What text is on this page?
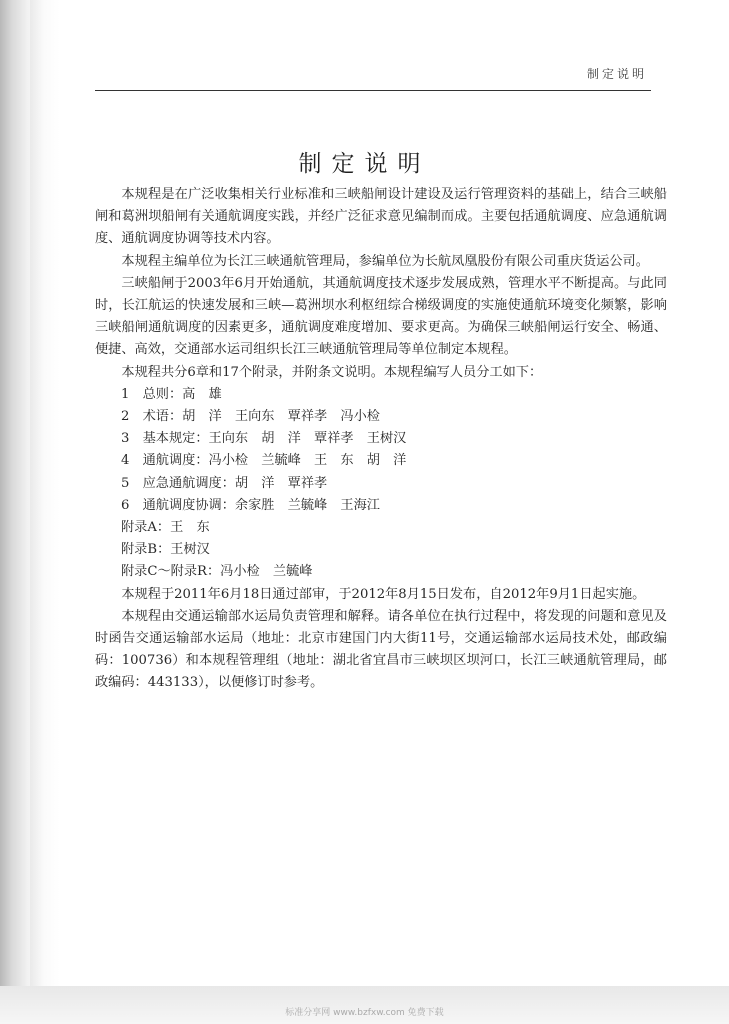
制定说明
制定说明

本规程是在广泛收集相关行业标准和三峡船闸设计建设及运行管理资料的基础上，结合三峡船闸和葛洲坝船闸有关通航调度实践，并经广泛征求意见编制而成。主要包括通航调度、应急通航调度、通航调度协调等技术内容。

本规程主编单位为长江三峡通航管理局，参编单位为长航凤凰股份有限公司重庆货运公司。

三峡船闸于2003年6月开始通航，其通航调度技术逐步发展成熟，管理水平不断提高。与此同时，长江航运的快速发展和三峡—葛洲坝水利枢纽综合梯级调度的实施使通航环境变化频繁，影响三峡船闸通航调度的因素更多，通航调度难度增加、要求更高。为确保三峡船闸运行安全、畅通、便捷、高效，交通部水运司组织长江三峡通航管理局等单位制定本规程。

本规程共分6章和17个附录，并附条文说明。本规程编写人员分工如下：

1　总则：高　雄

2　术语：胡　洋　王向东　覃祥孝　冯小检

3　基本规定：王向东　胡　洋　覃祥孝　王树汉

4　通航调度：冯小检　兰毓峰　王　东　胡　洋

5　应急通航调度：胡　洋　覃祥孝

6　通航调度协调：余家胜　兰毓峰　王海江

附录A：王　东

附录B：王树汉

附录C～附录R：冯小检　兰毓峰

本规程于2011年6月18日通过部审，于2012年8月15日发布，自2012年9月1日起实施。

本规程由交通运输部水运局负责管理和解释。请各单位在执行过程中，将发现的问题和意见及时函告交通运输部水运局（地址：北京市建国门内大街11号，交通运输部水运局技术处，邮政编码：100736）和本规程管理组（地址：湖北省宜昌市三峡坝区坝河口，长江三峡通航管理局，邮政编码：443133），以便修订时参考。

标准分享网 www.bzfxw.com 免费下载
